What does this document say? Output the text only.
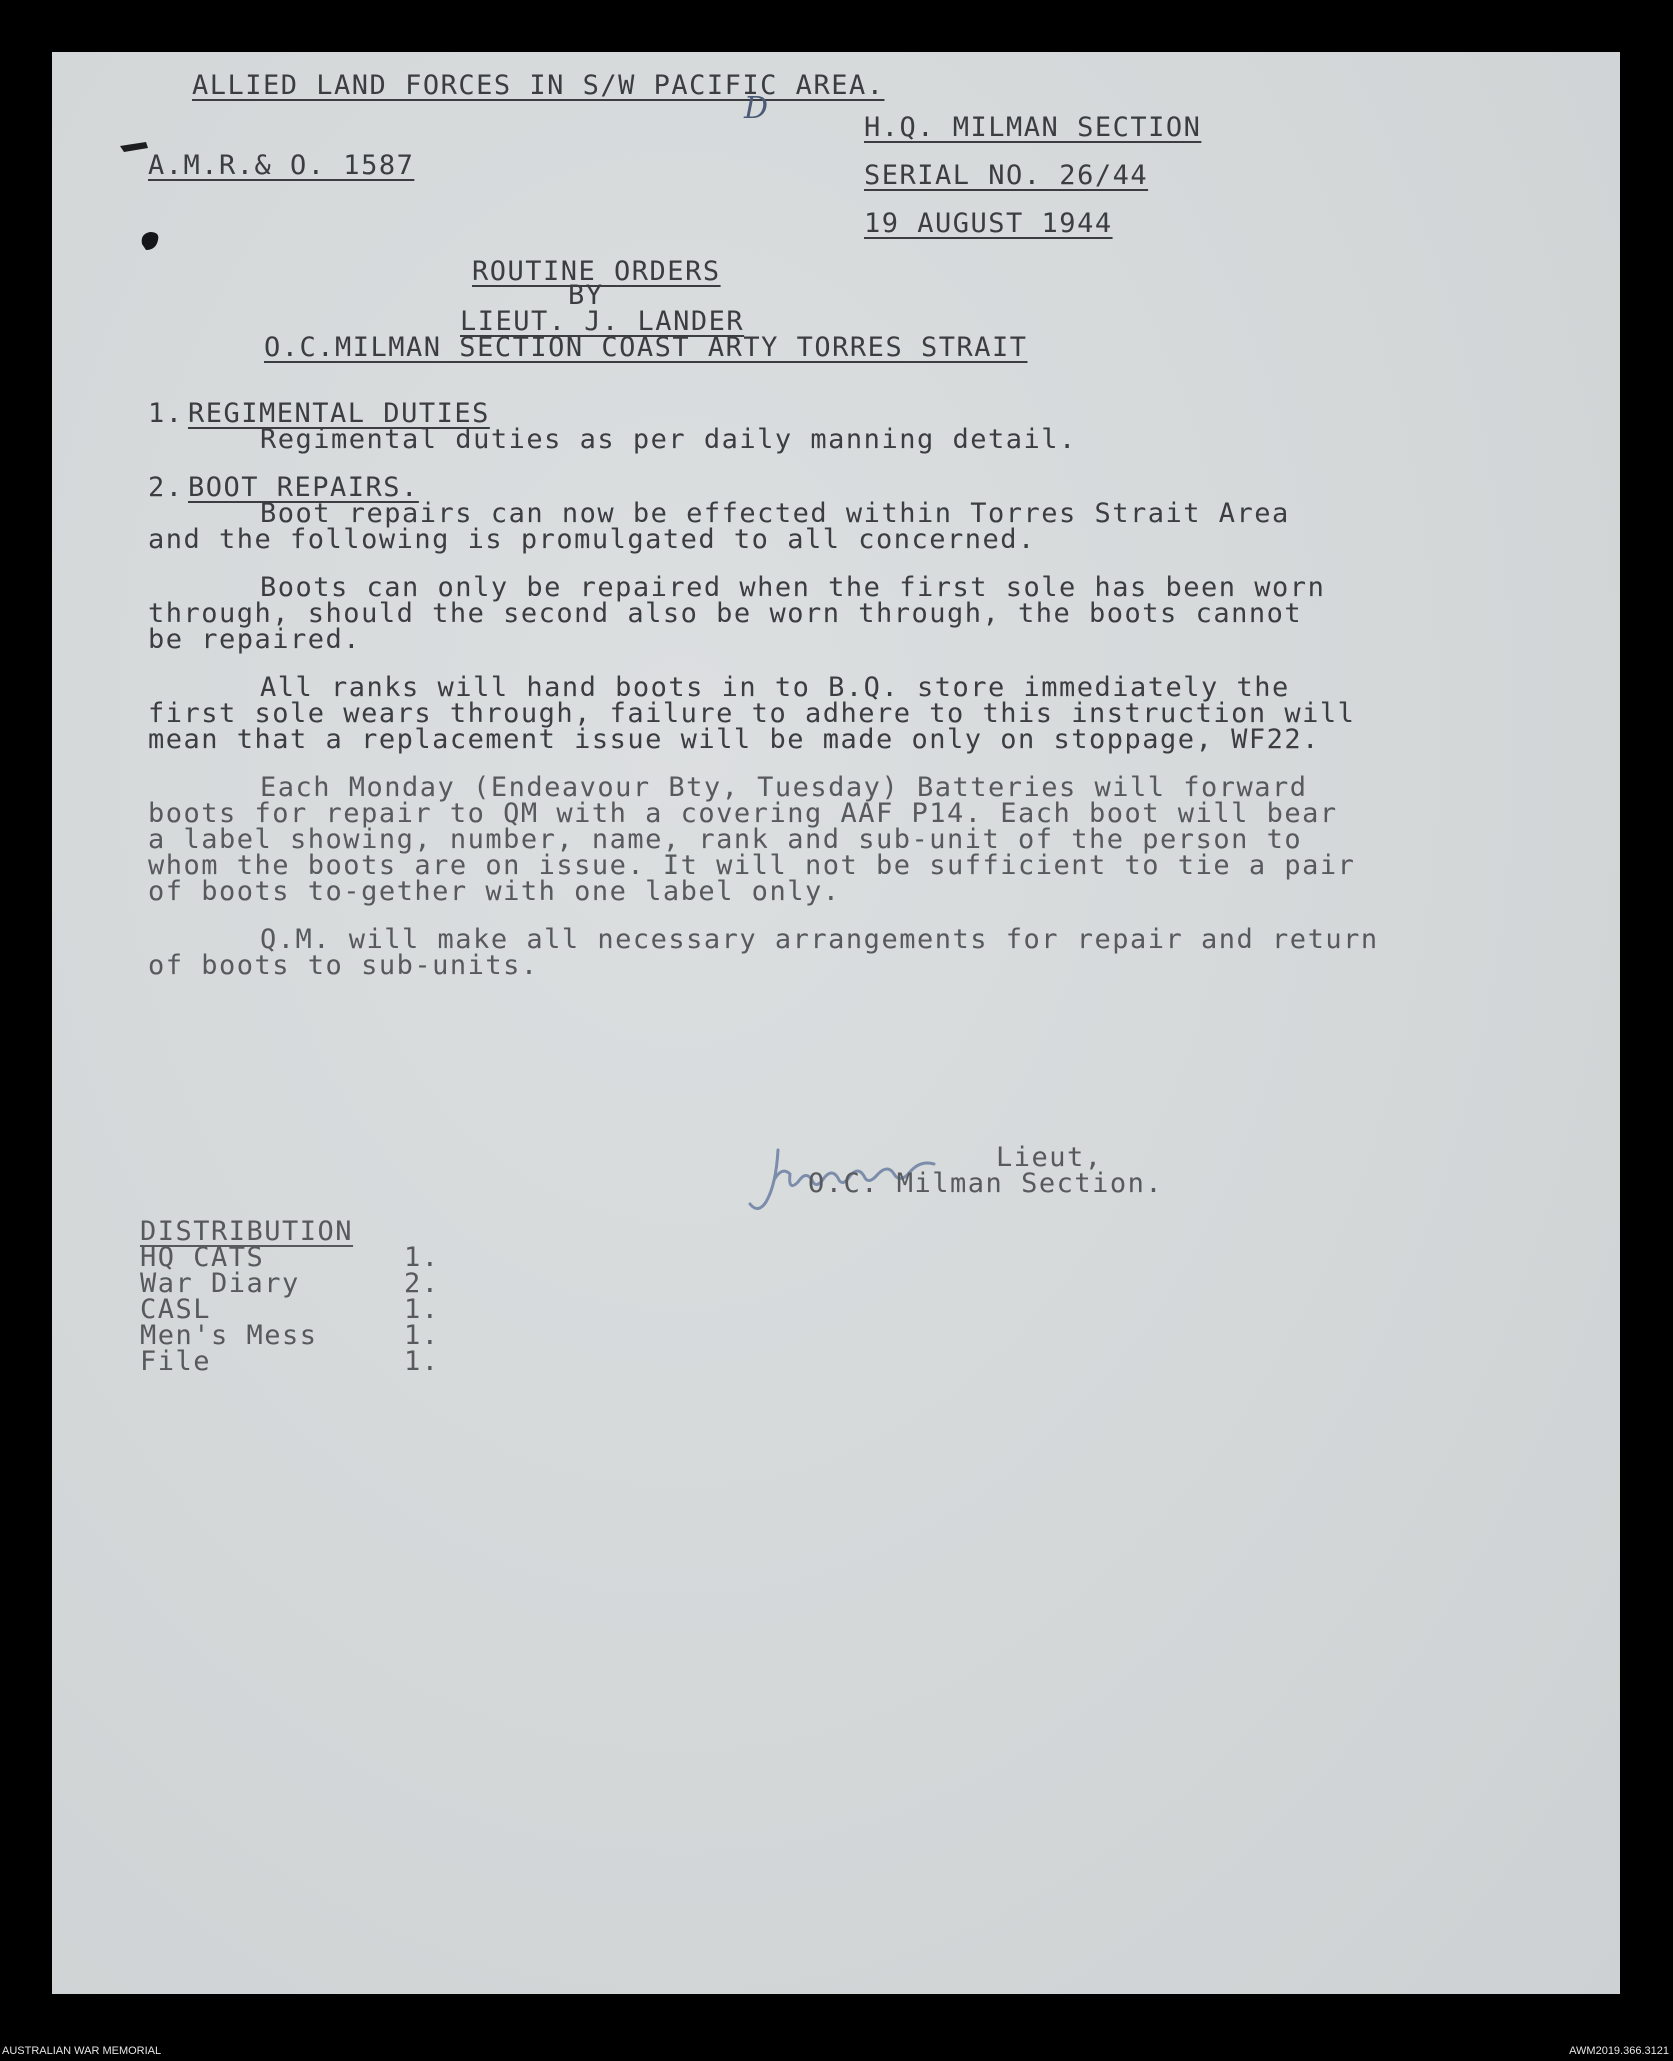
ALLIED LAND FORCES IN S/W PACIFIC AREA.
D
A.M.R.& O. 1587
H.Q. MILMAN SECTION
SERIAL NO. 26/44
19 AUGUST 1944
ROUTINE ORDERS
BY
LIEUT. J. LANDER
O.C.MILMAN SECTION COAST ARTY TORRES STRAIT
1. REGIMENTAL DUTIES
Regimental duties as per daily manning detail.
2. BOOT REPAIRS.
Boot repairs can now be effected within Torres Strait Area
and the following is promulgated to all concerned.
Boots can only be repaired when the first sole has been worn
through, should the second also be worn through, the boots cannot
be repaired.
All ranks will hand boots in to B.Q. store immediately the
first sole wears through, failure to adhere to this instruction will
mean that a replacement issue will be made only on stoppage, WF22.
Each Monday (Endeavour Bty, Tuesday) Batteries will forward
boots for repair to QM with a covering AAF P14. Each boot will bear
a label showing, number, name, rank and sub-unit of the person to
whom the boots are on issue. It will not be sufficient to tie a pair
of boots to-gether with one label only.
Q.M. will make all necessary arrangements for repair and return
of boots to sub-units.
Lieut,
O.C. Milman Section.
DISTRIBUTION
HQ CATS	1.
War Diary	2.
CASL	1.
Men's Mess	1.
File	1.
AUSTRALIAN WAR MEMORIAL	AWM2019.366.3121
